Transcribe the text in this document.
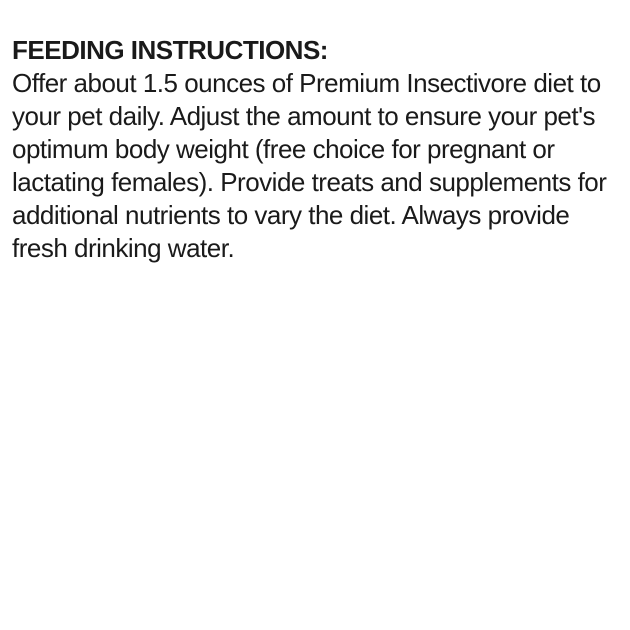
FEEDING INSTRUCTIONS:
Offer about 1.5 ounces of Premium Insectivore diet to
your pet daily. Adjust the amount to ensure your pet's
optimum body weight (free choice for pregnant or
lactating females). Provide treats and supplements for
additional nutrients to vary the diet. Always provide
fresh drinking water.
